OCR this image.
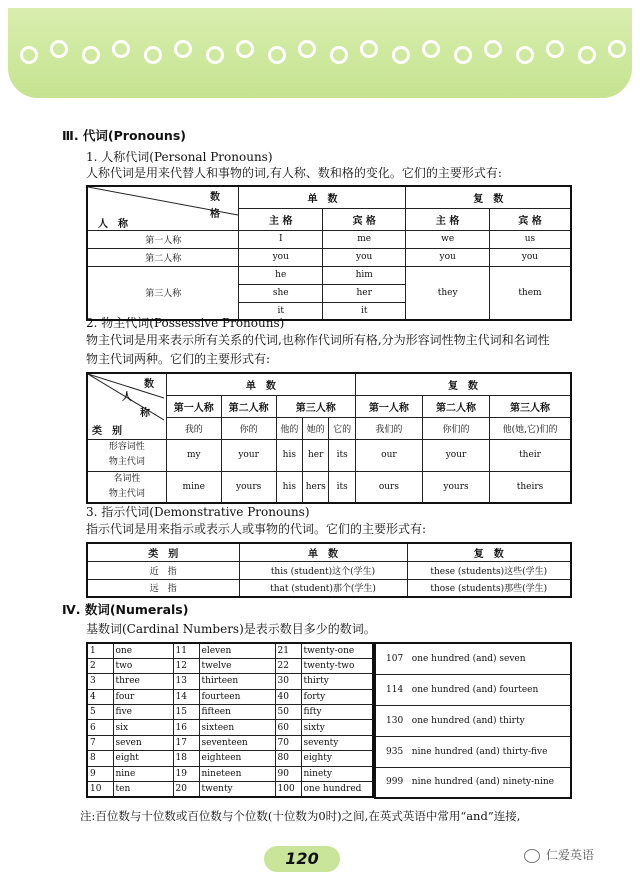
Ⅲ. 代词(Pronouns)
1. 人称代词(Personal Pronouns)
人称代词是用来代替人和事物的词,有人称、数和格的变化。它们的主要形式有:
数
格
人　称	单　数		复　数	
	主 格	宾 格	主 格	宾 格
第一人称	I	me	we	us
第二人称	you	you	you	you
第三人称	he	him	they	them
	she	her		
	it	it		
2. 物主代词(Possessive Pronouns)
物主代词是用来表示所有关系的代词,也称作代词所有格,分为形容词性物主代词和名词性
物主代词两种。它们的主要形式有:
数
人
称
类　别	单　数					复　数		
	第一人称	第二人称	第三人称			第一人称	第二人称	第三人称
	我的	你的	他的	她的	它的	我们的	你们的	他(她,它)们的

形容词性
物主代词	my	your	his	her	its	our	your	their

名词性
物主代词	mine	yours	his	hers	its	ours	yours	theirs
3. 指示代词(Demonstrative Pronouns)
指示代词是用来指示或表示人或事物的代词。它们的主要形式有:
类　别	单　数	复　数
近　指	this (student)这个(学生)	these (students)这些(学生)
远　指	that (student)那个(学生)	those (students)那些(学生)
Ⅳ. 数词(Numerals)
基数词(Cardinal Numbers)是表示数目多少的数词。
1	one	11	eleven	21	twenty-one
2	two	12	twelve	22	twenty-two
3	three	13	thirteen	30	thirty
4	four	14	fourteen	40	forty
5	five	15	fifteen	50	fifty
6	six	16	sixteen	60	sixty
7	seven	17	seventeen	70	seventy
8	eight	18	eighteen	80	eighty
9	nine	19	nineteen	90	ninety
10	ten	20	twenty	100	one hundred
107 one hundred (and) seven
114 one hundred (and) fourteen
130 one hundred (and) thirty
935 nine hundred (and) thirty-five
999 nine hundred (and) ninety-nine
注:百位数与十位数或百位数与个位数(十位数为0时)之间,在英式英语中常用“and”连接,
120	仁爱英语
